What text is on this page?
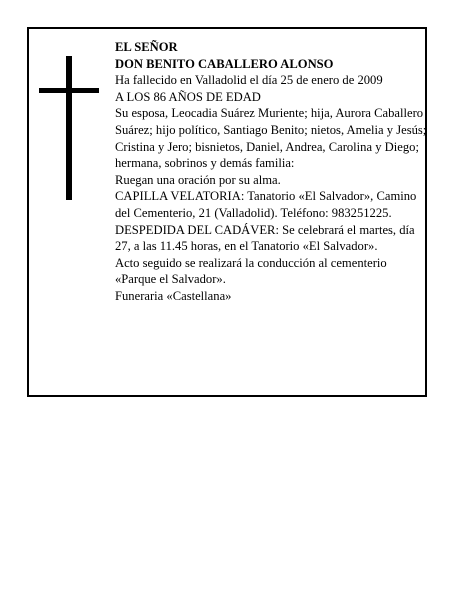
EL SEÑOR

DON BENITO CABALLERO ALONSO

Ha fallecido en Valladolid el día 25 de enero de 2009

A LOS 86 AÑOS DE EDAD

Su esposa, Leocadia Suárez Muriente; hija, Aurora Caballero Suárez; hijo político, Santiago Benito; nietos, Amelia y Jesús; Cristina y Jero; bisnietos, Daniel, Andrea, Carolina y Diego; hermana, sobrinos y demás familia:

Ruegan una oración por su alma.

CAPILLA VELATORIA: Tanatorio «El Salvador», Camino del Cementerio, 21 (Valladolid). Teléfono: 983251225.

DESPEDIDA DEL CADÁVER: Se celebrará el martes, día 27, a las 11.45 horas, en el Tanatorio «El Salvador».

Acto seguido se realizará la conducción al cementerio «Parque el Salvador».

Funeraria «Castellana»
